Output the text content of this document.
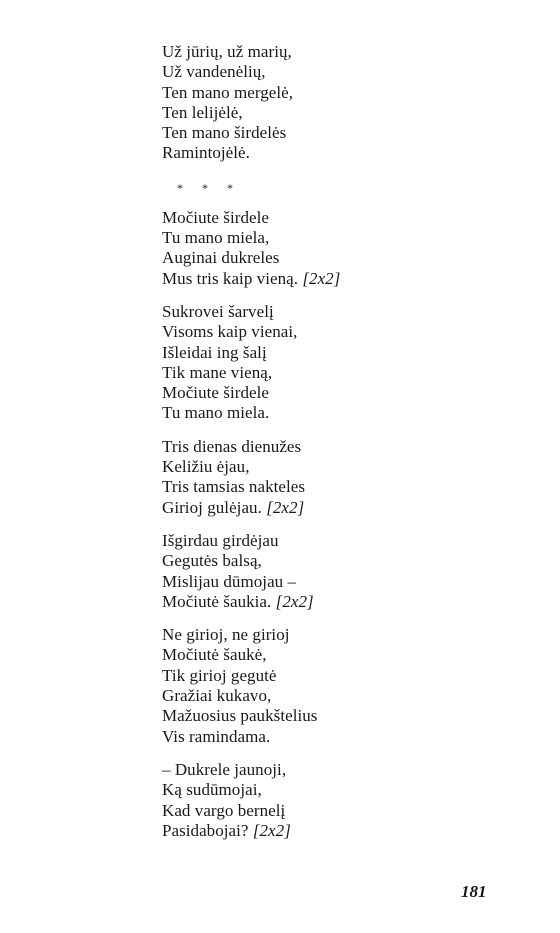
Už jūrių, už marių,
Už vandenėlių,
Ten mano mergelė,
Ten lelijėlė,
Ten mano širdelės
Ramintojėlė.
* * *
Močiute širdele
Tu mano miela,
Auginai dukreles
Mus tris kaip vieną. [2x2]
Sukrovei šarvelį
Visoms kaip vienai,
Išleidai ing šalį
Tik mane vieną,
Močiute širdele
Tu mano miela.
Tris dienas dienužes
Keližiu ėjau,
Tris tamsias nakteles
Girioj gulėjau. [2x2]
Išgirdau girdėjau
Gegutės balsą,
Mislijau dūmojau –
Močiutė šaukia. [2x2]
Ne girioj, ne girioj
Močiutė šaukė,
Tik girioj gegutė
Gražiai kukavo,
Mažuosius paukštelius
Vis ramindama.
– Dukrele jaunoji,
Ką sudūmojai,
Kad vargo bernelį
Pasidabojai? [2x2]
181
